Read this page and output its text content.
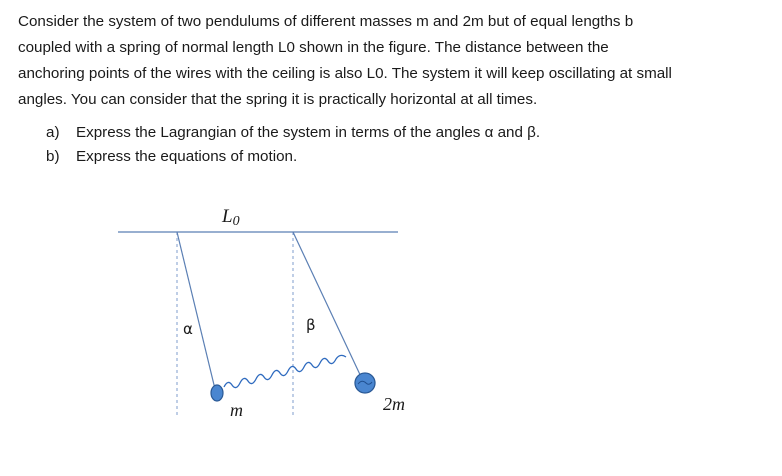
Consider the system of two pendulums of different masses m and 2m but of equal lengths b
coupled with a spring of normal length L0 shown in the figure. The distance between the
anchoring points of the wires with the ceiling is also L0. The system it will keep oscillating at small
angles. You can consider that the spring it is practically horizontal at all times.
a)	Express the Lagrangian of the system in terms of the angles α and β.
b)	Express the equations of motion.
L0
α	β
m	2m
